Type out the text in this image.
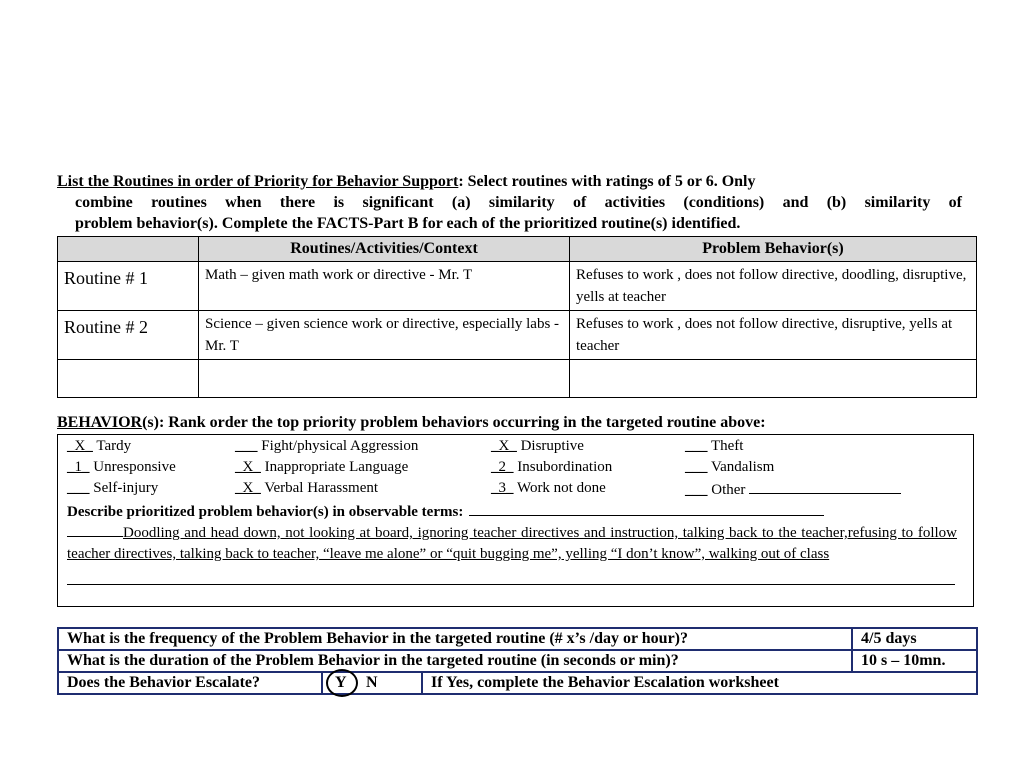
List the Routines in order of Priority for Behavior Support: Select routines with ratings of 5 or 6. Only
combine routines when there is significant (a) similarity of activities (conditions) and (b) similarity of
problem behavior(s). Complete the FACTS-Part B for each of the prioritized routine(s) identified.
	Routines/Activities/Context	Problem Behavior(s)
Routine # 1	Math – given math work or directive - Mr. T	Refuses to work , does not follow directive, doodling, disruptive, yells at teacher
Routine # 2	Science – given science work or directive, especially labs - Mr. T	Refuses to work , does not follow directive, disruptive, yells at teacher

BEHAVIOR(s): Rank order the top priority problem behaviors occurring in the targeted routine above:
_X_ Tardy	___ Fight/physical Aggression	_X_ Disruptive	___ Theft
_1_ Unresponsive	_X_ Inappropriate Language	_2_ Insubordination	___ Vandalism
___ Self-injury	_X_ Verbal Harassment	_3_ Work not done	___ Other
Describe prioritized problem behavior(s) in observable terms:
Doodling and head down, not looking at board, ignoring teacher directives and instruction, talking back to the teacher,refusing to follow teacher directives, talking back to teacher, “leave me alone” or “quit bugging me”, yelling “I don’t know”, walking out of class
What is the frequency of the Problem Behavior in the targeted routine (# x’s /day or hour)?			4/5 days
What is the duration of the Problem Behavior in the targeted routine (in seconds or min)?			10 s – 10mn.
Does the Behavior Escalate?	Y N	If Yes, complete the Behavior Escalation worksheet	
